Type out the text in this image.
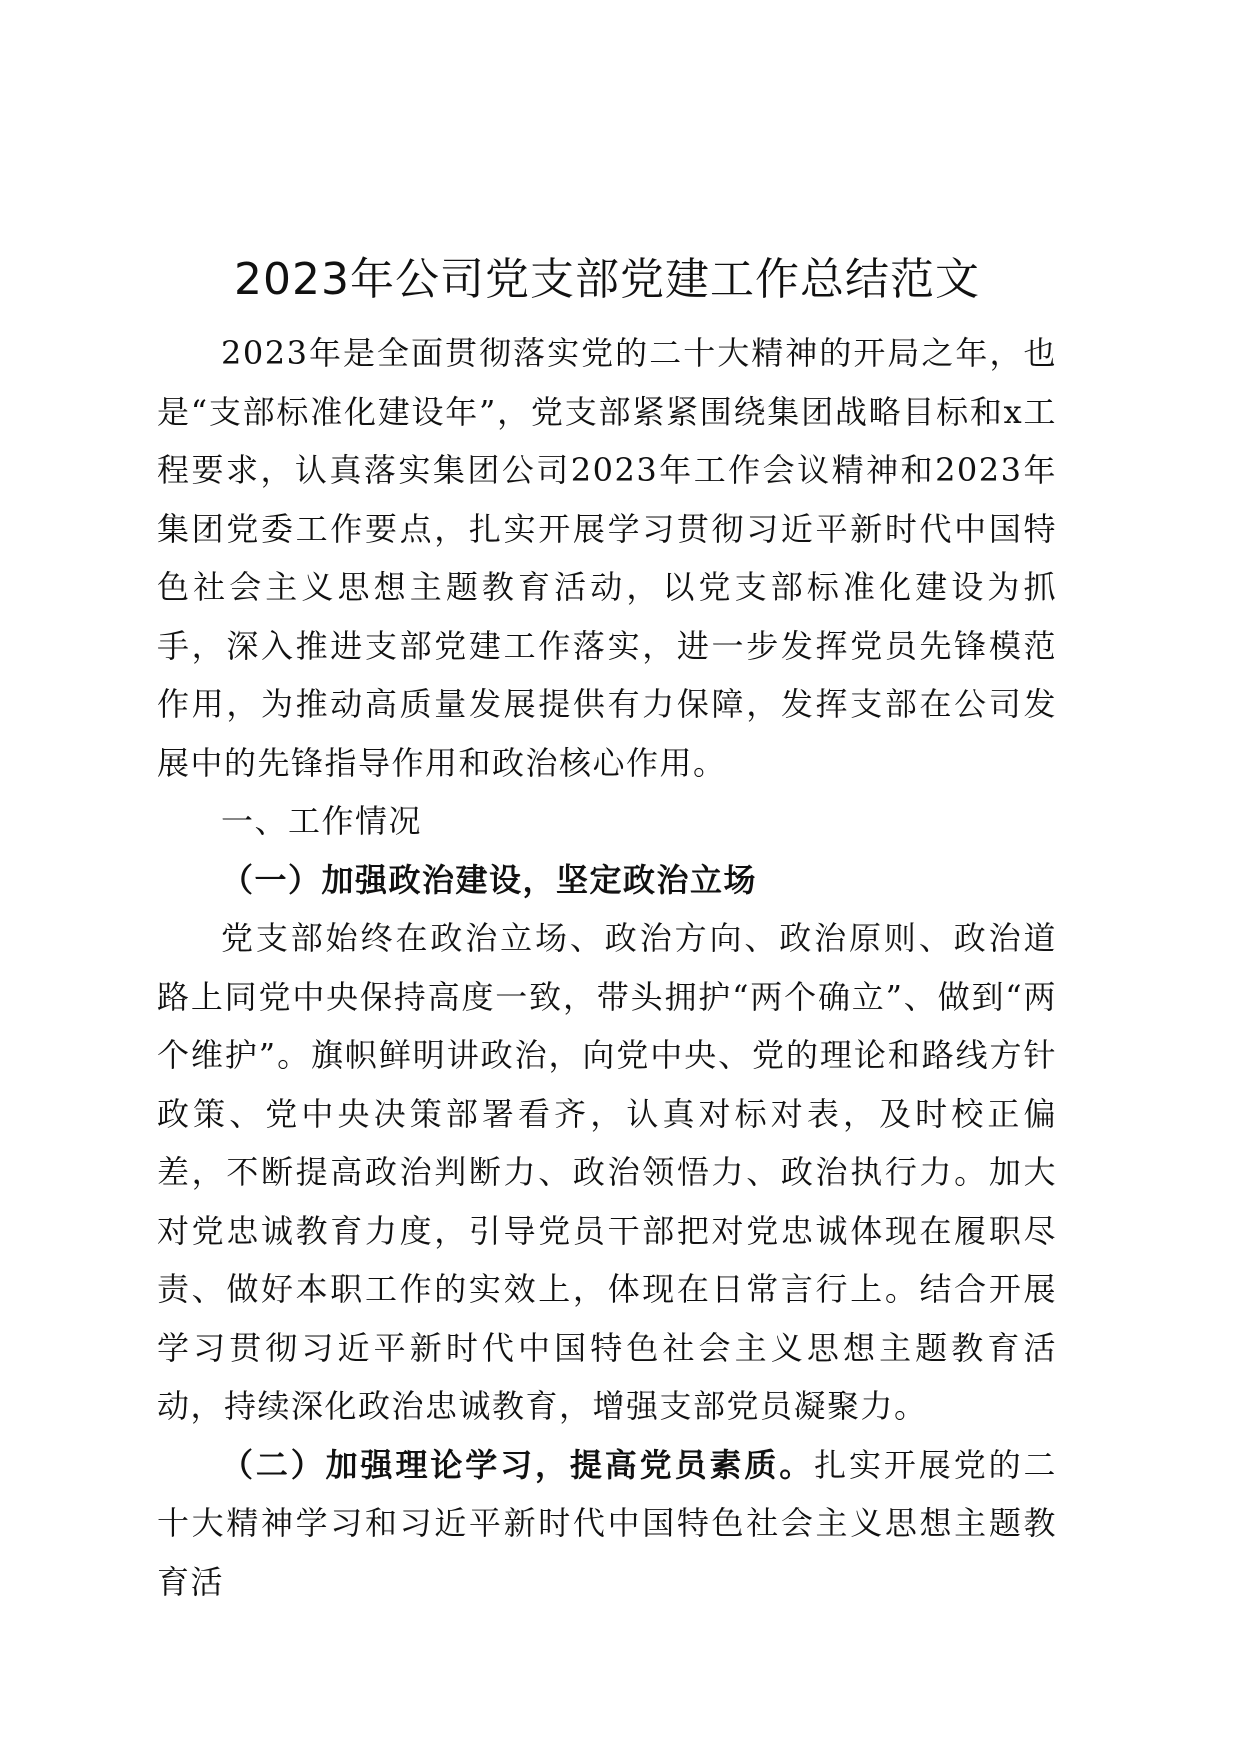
2023年公司党支部党建工作总结范文

2023年是全面贯彻落实党的二十大精神的开局之年，也是“支部标准化建设年”，党支部紧紧围绕集团战略目标和x工程要求，认真落实集团公司2023年工作会议精神和2023年集团党委工作要点，扎实开展学习贯彻习近平新时代中国特色社会主义思想主题教育活动，以党支部标准化建设为抓手，深入推进支部党建工作落实，进一步发挥党员先锋模范作用，为推动高质量发展提供有力保障，发挥支部在公司发展中的先锋指导作用和政治核心作用。

一、工作情况

（一）加强政治建设，坚定政治立场

党支部始终在政治立场、政治方向、政治原则、政治道路上同党中央保持高度一致，带头拥护“两个确立”、做到“两个维护”。旗帜鲜明讲政治，向党中央、党的理论和路线方针政策、党中央决策部署看齐，认真对标对表，及时校正偏差，不断提高政治判断力、政治领悟力、政治执行力。加大对党忠诚教育力度，引导党员干部把对党忠诚体现在履职尽责、做好本职工作的实效上，体现在日常言行上。结合开展学习贯彻习近平新时代中国特色社会主义思想主题教育活动，持续深化政治忠诚教育，增强支部党员凝聚力。

（二）加强理论学习，提高党员素质。扎实开展党的二十大精神学习和习近平新时代中国特色社会主义思想主题教育活
